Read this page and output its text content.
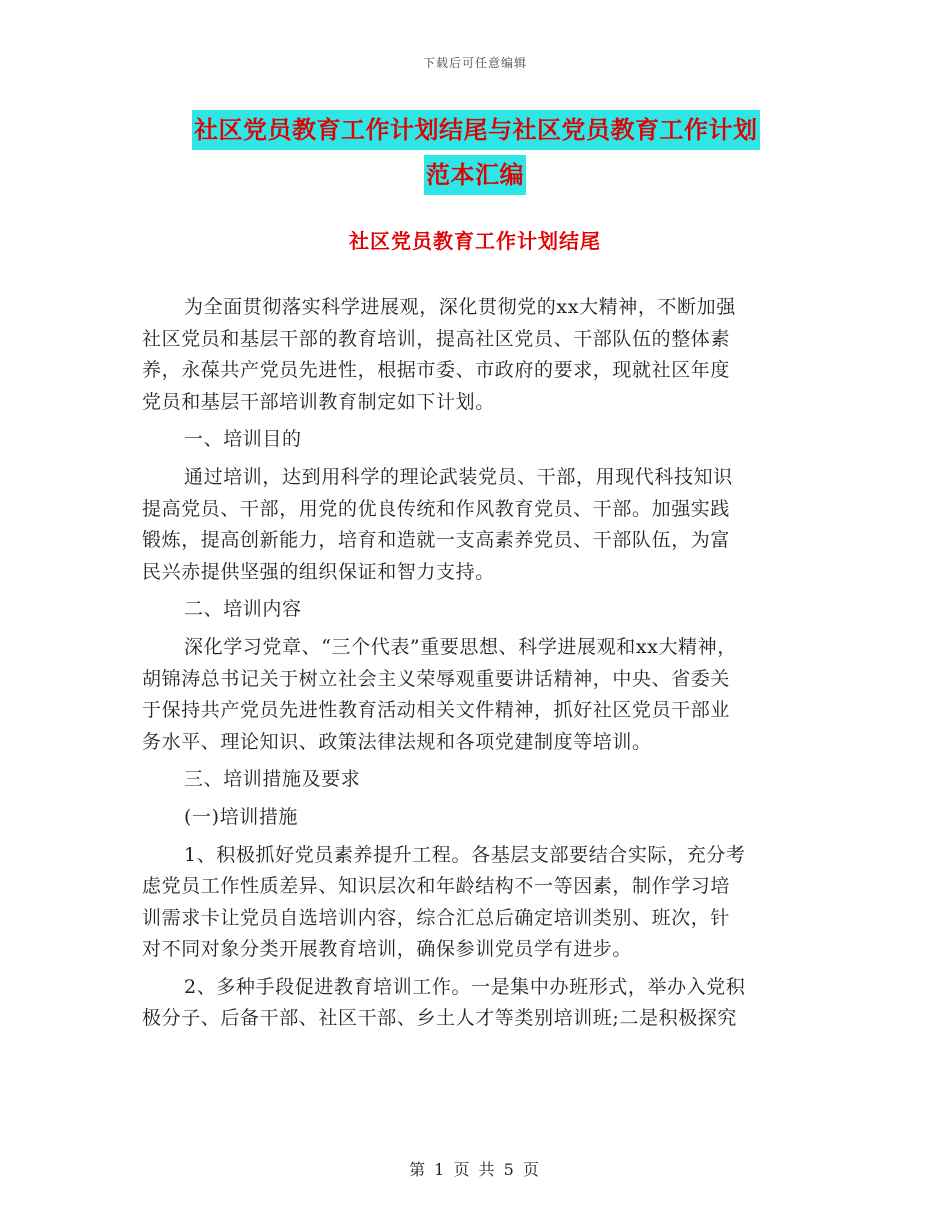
下载后可任意编辑
社区党员教育工作计划结尾与社区党员教育工作计划
范本汇编
社区党员教育工作计划结尾
为全面贯彻落实科学进展观，深化贯彻党的xx大精神，不断加强
社区党员和基层干部的教育培训，提高社区党员、干部队伍的整体素
养，永葆共产党员先进性，根据市委、市政府的要求，现就社区年度
党员和基层干部培训教育制定如下计划。
一、培训目的
通过培训，达到用科学的理论武装党员、干部，用现代科技知识
提高党员、干部，用党的优良传统和作风教育党员、干部。加强实践
锻炼，提高创新能力，培育和造就一支高素养党员、干部队伍，为富
民兴赤提供坚强的组织保证和智力支持。
二、培训内容
深化学习党章、“三个代表”重要思想、科学进展观和xx大精神，
胡锦涛总书记关于树立社会主义荣辱观重要讲话精神，中央、省委关
于保持共产党员先进性教育活动相关文件精神，抓好社区党员干部业
务水平、理论知识、政策法律法规和各项党建制度等培训。
三、培训措施及要求
(一)培训措施
1、积极抓好党员素养提升工程。各基层支部要结合实际，充分考
虑党员工作性质差异、知识层次和年龄结构不一等因素，制作学习培
训需求卡让党员自选培训内容，综合汇总后确定培训类别、班次，针
对不同对象分类开展教育培训，确保参训党员学有进步。
2、多种手段促进教育培训工作。一是集中办班形式，举办入党积
极分子、后备干部、社区干部、乡土人才等类别培训班;二是积极探究
第 1 页 共 5 页
